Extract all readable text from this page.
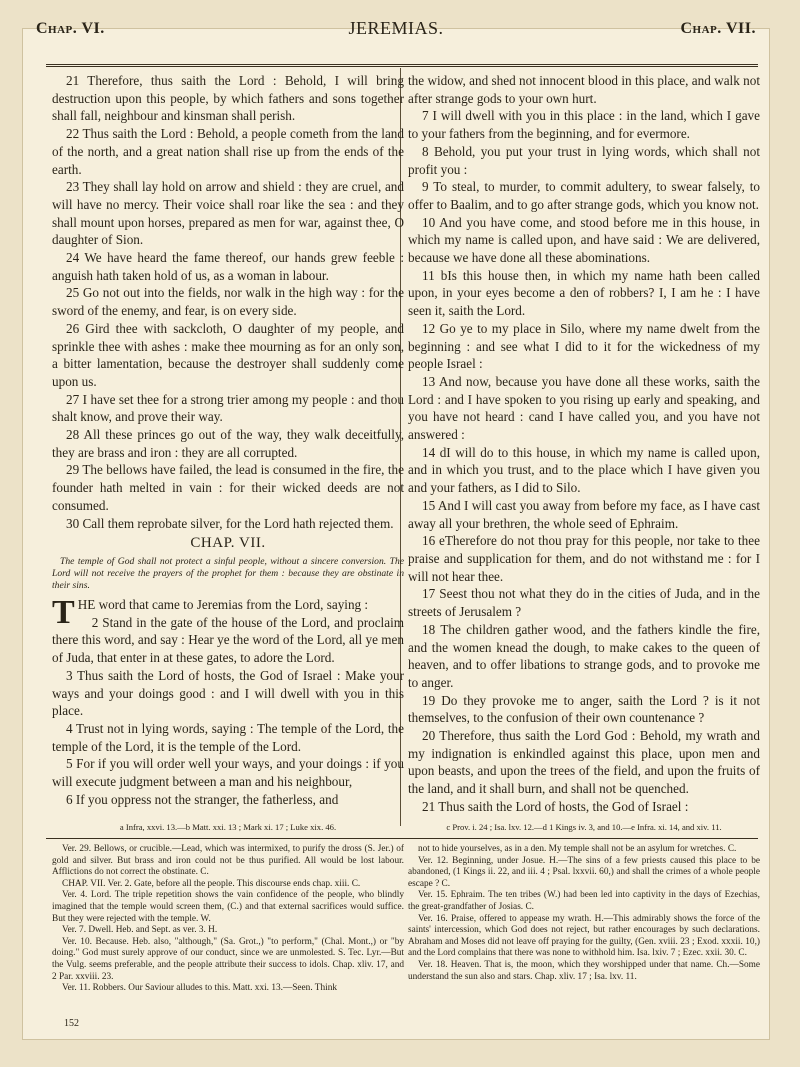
Chap. VI.	JEREMIAS.	Chap. VII.

21 Therefore, thus saith the Lord : Behold, I will bring destruction upon this people, by which fathers and sons together shall fall, neighbour and kinsman shall perish.

22 Thus saith the Lord : Behold, a people cometh from the land of the north, and a great nation shall rise up from the ends of the earth.

23 They shall lay hold on arrow and shield : they are cruel, and will have no mercy. Their voice shall roar like the sea : and they shall mount upon horses, prepared as men for war, against thee, O daughter of Sion.

24 We have heard the fame thereof, our hands grew feeble : anguish hath taken hold of us, as a woman in labour.

25 Go not out into the fields, nor walk in the high way : for the sword of the enemy, and fear, is on every side.

26 Gird thee with sackcloth, O daughter of my people, and sprinkle thee with ashes : make thee mourning as for an only son, a bitter lamentation, because the destroyer shall suddenly come upon us.

27 I have set thee for a strong trier among my people : and thou shalt know, and prove their way.

28 All these princes go out of the way, they walk deceitfully, they are brass and iron : they are all corrupted.

29 The bellows have failed, the lead is consumed in the fire, the founder hath melted in vain : for their wicked deeds are not consumed.

30 Call them reprobate silver, for the Lord hath rejected them.

CHAP. VII.

The temple of God shall not protect a sinful people, without a sincere conversion. The Lord will not receive the prayers of the prophet for them : because they are obstinate in their sins.

THE word that came to Jeremias from the Lord, saying :

2 Stand in the gate of the house of the Lord, and proclaim there this word, and say : Hear ye the word of the Lord, all ye men of Juda, that enter in at these gates, to adore the Lord.

3 Thus saith the Lord of hosts, the God of Israel : Make your ways and your doings good : and I will dwell with you in this place.

4 Trust not in lying words, saying : The temple of the Lord, the temple of the Lord, it is the temple of the Lord.

5 For if you will order well your ways, and your doings : if you will execute judgment between a man and his neighbour,

6 If you oppress not the stranger, the fatherless, and

the widow, and shed not innocent blood in this place, and walk not after strange gods to your own hurt.

7 I will dwell with you in this place : in the land, which I gave to your fathers from the beginning, and for evermore.

8 Behold, you put your trust in lying words, which shall not profit you :

9 To steal, to murder, to commit adultery, to swear falsely, to offer to Baalim, and to go after strange gods, which you know not.

10 And you have come, and stood before me in this house, in which my name is called upon, and have said : We are delivered, because we have done all these abominations.

11 bIs this house then, in which my name hath been called upon, in your eyes become a den of robbers? I, I am he : I have seen it, saith the Lord.

12 Go ye to my place in Silo, where my name dwelt from the beginning : and see what I did to it for the wickedness of my people Israel :

13 And now, because you have done all these works, saith the Lord : and I have spoken to you rising up early and speaking, and you have not heard : cand I have called you, and you have not answered :

14 dI will do to this house, in which my name is called upon, and in which you trust, and to the place which I have given you and your fathers, as I did to Silo.

15 And I will cast you away from before my face, as I have cast away all your brethren, the whole seed of Ephraim.

16 eTherefore do not thou pray for this people, nor take to thee praise and supplication for them, and do not withstand me : for I will not hear thee.

17 Seest thou not what they do in the cities of Juda, and in the streets of Jerusalem ?

18 The children gather wood, and the fathers kindle the fire, and the women knead the dough, to make cakes to the queen of heaven, and to offer libations to strange gods, and to provoke me to anger.

19 Do they provoke me to anger, saith the Lord ? is it not themselves, to the confusion of their own countenance ?

20 Therefore, thus saith the Lord God : Behold, my wrath and my indignation is enkindled against this place, upon men and upon beasts, and upon the trees of the field, and upon the fruits of the land, and it shall burn, and shall not be quenched.

21 Thus saith the Lord of hosts, the God of Israel :

a Infra, xxvi. 13.—b Matt. xxi. 13 ; Mark xi. 17 ; Luke xix. 46.	c Prov. i. 24 ; Isa. lxv. 12.—d 1 Kings iv. 3, and 10.—e Infra. xi. 14, and xiv. 11.

Ver. 29. Bellows, or crucible.—Lead, which was intermixed, to purify the dross (S. Jer.) of gold and silver. But brass and iron could not be thus purified. All would be lost labour. Afflictions do not correct the obstinate. C.

CHAP. VII. Ver. 2. Gate, before all the people. This discourse ends chap. xiii. C.

Ver. 4. Lord. The triple repetition shows the vain confidence of the people, who blindly imagined that the temple would screen them, (C.) and that external sacrifices would suffice. But they were rejected with the temple. W.

Ver. 7. Dwell. Heb. and Sept. as ver. 3. H.

Ver. 10. Because. Heb. also, "although," (Sa. Grot.,) "to perform," (Chal. Mont.,) or "by doing." God must surely approve of our conduct, since we are unmolested. S. Tec. Lyr.—But the Vulg. seems preferable, and the people attribute their success to idols. Chap. xliv. 17, and 2 Par. xxviii. 23.

Ver. 11. Robbers. Our Saviour alludes to this. Matt. xxi. 13.—Seen. Think

not to hide yourselves, as in a den. My temple shall not be an asylum for wretches. C.

Ver. 12. Beginning, under Josue. H.—The sins of a few priests caused this place to be abandoned, (1 Kings ii. 22, and iii. 4 ; Psal. lxxvii. 60,) and shall the crimes of a whole people escape ? C.

Ver. 15. Ephraim. The ten tribes (W.) had been led into captivity in the days of Ezechias, the great-grandfather of Josias. C.

Ver. 16. Praise, offered to appease my wrath. H.—This admirably shows the force of the saints' intercession, which God does not reject, but rather encourages by such declarations. Abraham and Moses did not leave off praying for the guilty, (Gen. xviii. 23 ; Exod. xxxii. 10,) and the Lord complains that there was none to withhold him. Isa. lxiv. 7 ; Ezec. xxii. 30. C.

Ver. 18. Heaven. That is, the moon, which they worshipped under that name. Ch.—Some understand the sun also and stars. Chap. xliv. 17 ; Isa. lxv. 11.

152
